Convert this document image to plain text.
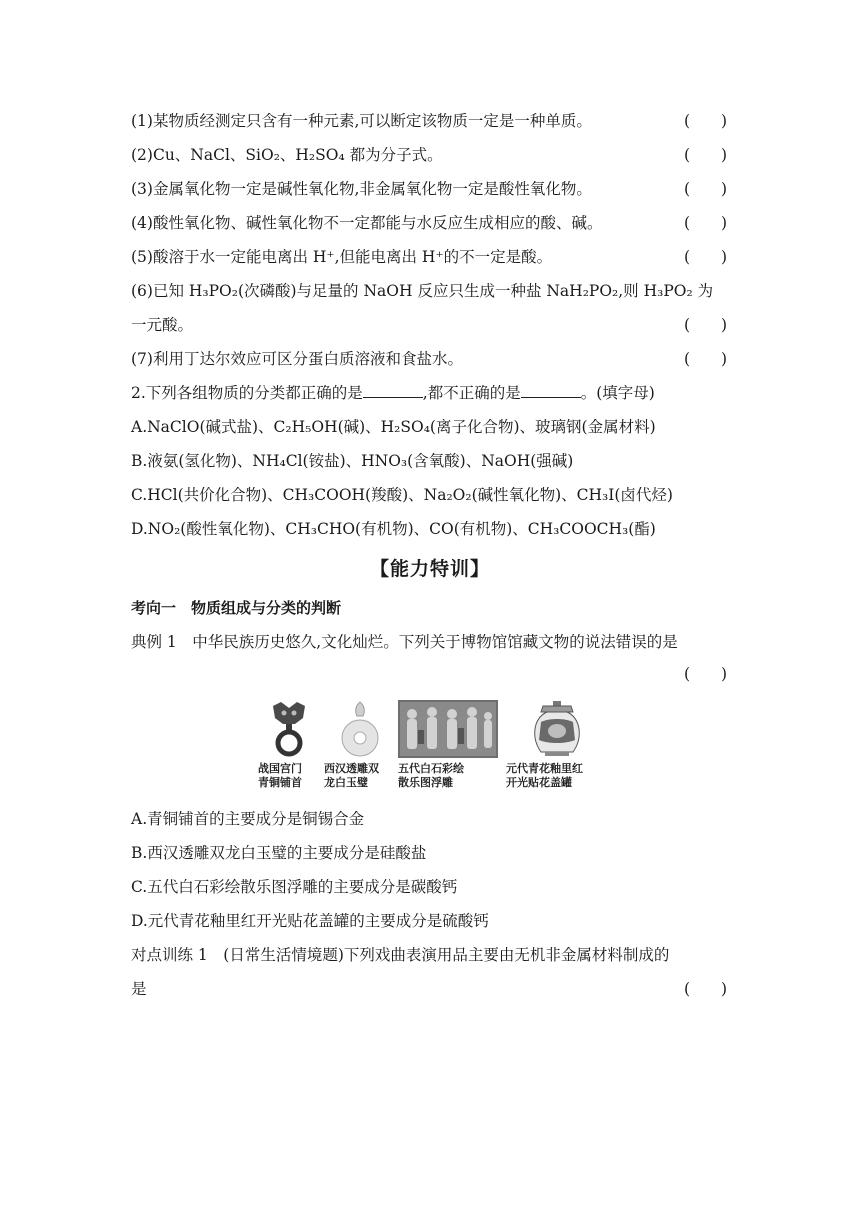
(1)某物质经测定只含有一种元素,可以断定该物质一定是一种单质。	(　　)
(2)Cu、NaCl、SiO₂、H₂SO₄ 都为分子式。	(　　)
(3)金属氧化物一定是碱性氧化物,非金属氧化物一定是酸性氧化物。	(　　)
(4)酸性氧化物、碱性氧化物不一定都能与水反应生成相应的酸、碱。	(　　)
(5)酸溶于水一定能电离出 H⁺,但能电离出 H⁺的不一定是酸。	(　　)
(6)已知 H₃PO₂(次磷酸)与足量的 NaOH 反应只生成一种盐 NaH₂PO₂,则 H₃PO₂ 为
一元酸。	(　　)
(7)利用丁达尔效应可区分蛋白质溶液和食盐水。	(　　)
2.下列各组物质的分类都正确的是	,都不正确的是	。(填字母)
A.NaClO(碱式盐)、C₂H₅OH(碱)、H₂SO₄(离子化合物)、玻璃钢(金属材料)
B.液氨(氢化物)、NH₄Cl(铵盐)、HNO₃(含氧酸)、NaOH(强碱)
C.HCl(共价化合物)、CH₃COOH(羧酸)、Na₂O₂(碱性氧化物)、CH₃I(卤代烃)
D.NO₂(酸性氧化物)、CH₃CHO(有机物)、CO(有机物)、CH₃COOCH₃(酯)
【能力特训】
考向一　物质组成与分类的判断
典例 1　中华民族历史悠久,文化灿烂。下列关于博物馆馆藏文物的说法错误的是
(　　)
战国宫门
青铜铺首
西汉透雕双
龙白玉璧
五代白石彩绘
散乐图浮雕
元代青花釉里红
开光贴花盖罐
A.青铜铺首的主要成分是铜锡合金
B.西汉透雕双龙白玉璧的主要成分是硅酸盐
C.五代白石彩绘散乐图浮雕的主要成分是碳酸钙
D.元代青花釉里红开光贴花盖罐的主要成分是硫酸钙
对点训练 1　(日常生活情境题)下列戏曲表演用品主要由无机非金属材料制成的
是	(　　)
